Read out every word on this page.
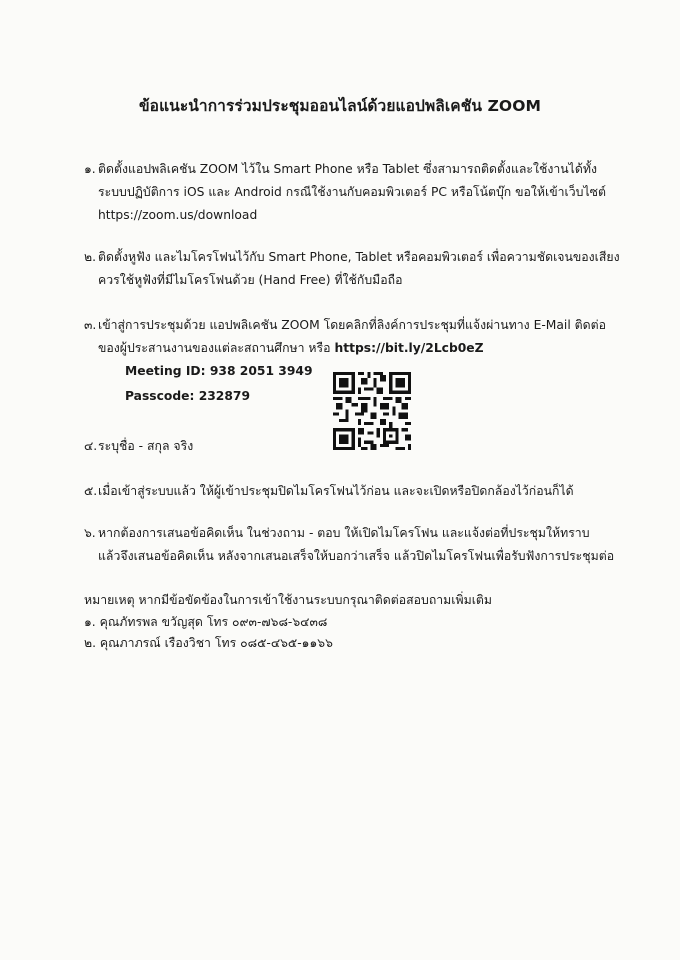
ข้อแนะนำการร่วมประชุมออนไลน์ด้วยแอปพลิเคชัน ZOOM
๑. ติดตั้งแอปพลิเคชัน ZOOM ไว้ใน Smart Phone หรือ Tablet ซึ่งสามารถติดตั้งและใช้งานได้ทั้ง
ระบบปฏิบัติการ iOS และ Android กรณีใช้งานกับคอมพิวเตอร์ PC หรือโน้ตบุ๊ก ขอให้เข้าเว็บไซต์
https://zoom.us/download
๒. ติดตั้งหูฟัง และไมโครโฟนไว้กับ Smart Phone, Tablet หรือคอมพิวเตอร์ เพื่อความชัดเจนของเสียง
ควรใช้หูฟังที่มีไมโครโฟนด้วย (Hand Free) ที่ใช้กับมือถือ
๓. เข้าสู่การประชุมด้วย แอปพลิเคชัน ZOOM โดยคลิกที่ลิงค์การประชุมที่แจ้งผ่านทาง E-Mail ติดต่อ
ของผู้ประสานงานของแต่ละสถานศึกษา หรือ https://bit.ly/2Lcb0eZ
Meeting ID: 938 2051 3949
Passcode: 232879
๔. ระบุชื่อ - สกุล จริง
๕. เมื่อเข้าสู่ระบบแล้ว ให้ผู้เข้าประชุมปิดไมโครโฟนไว้ก่อน และจะเปิดหรือปิดกล้องไว้ก่อนก็ได้
๖. หากต้องการเสนอข้อคิดเห็น ในช่วงถาม - ตอบ ให้เปิดไมโครโฟน และแจ้งต่อที่ประชุมให้ทราบ
แล้วจึงเสนอข้อคิดเห็น หลังจากเสนอเสร็จให้บอกว่าเสร็จ แล้วปิดไมโครโฟนเพื่อรับฟังการประชุมต่อ
หมายเหตุ หากมีข้อขัดข้องในการเข้าใช้งานระบบกรุณาติดต่อสอบถามเพิ่มเติม
๑. คุณภัทรพล ขวัญสุด โทร ๐๙๓-๗๖๘-๖๔๓๘
๒. คุณภาภรณ์ เรืองวิชา โทร ๐๘๕-๔๖๕-๑๑๖๖
